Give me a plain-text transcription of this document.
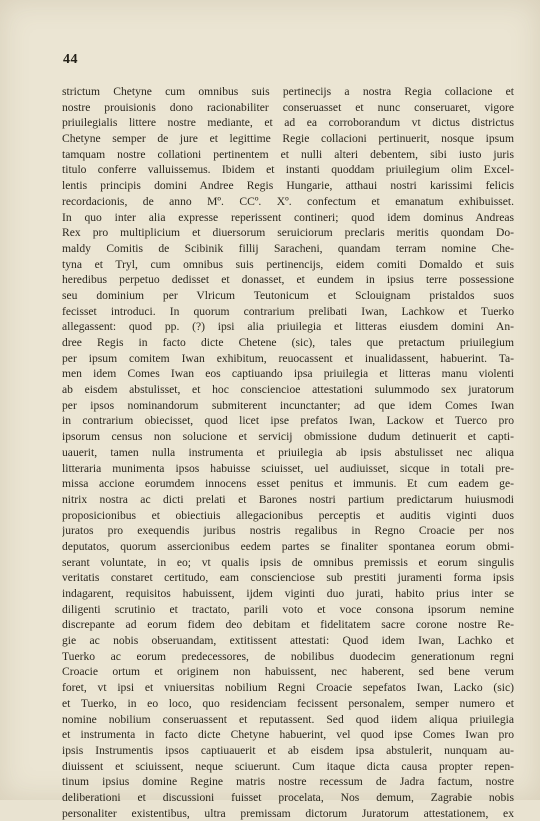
44
strictum Chetyne cum omnibus suis pertinecijs a nostra Regia collacione et
nostre prouisionis dono racionabiliter conseruasset et nunc conseruaret, vigore
priuilegialis littere nostre mediante, et ad ea corroborandum vt dictus districtus
Chetyne semper de jure et legittime Regie collacioni pertinuerit, nosque ipsum
tamquam nostre collationi pertinentem et nulli alteri debentem, sibi iusto juris
titulo conferre valluissemus. Ibidem et instanti quoddam priuilegium olim Excel-
lentis principis domini Andree Regis Hungarie, atthaui nostri karissimi felicis
recordacionis, de anno Mº. CCº. Xº. confectum et emanatum exhibuisset.
In quo inter alia expresse reperissent contineri; quod idem dominus Andreas
Rex pro multiplicium et diuersorum seruiciorum preclaris meritis quondam Do-
maldy Comitis de Scibinik fillij Saracheni, quandam terram nomine Che-
tyna et Tryl, cum omnibus suis pertinencijs, eidem comiti Domaldo et suis
heredibus perpetuo dedisset et donasset, et eundem in ipsius terre possessione
seu dominium per Vlricum Teutonicum et Sclouignam pristaldos suos
fecisset introduci. In quorum contrarium prelibati Iwan, Lachkow et Tuerko
allegassent: quod pp. (?) ipsi alia priuilegia et litteras eiusdem domini An-
dree Regis in facto dicte Chetene (sic), tales que pretactum priuilegium
per ipsum comitem Iwan exhibitum, reuocassent et inualidassent, habuerint. Ta-
men idem Comes Iwan eos captiuando ipsa priuilegia et litteras manu violenti
ab eisdem abstulisset, et hoc consciencioe attestationi sulummodo sex juratorum
per ipsos nominandorum submiterent incunctanter; ad que idem Comes Iwan
in contrarium obiecisset, quod licet ipse prefatos Iwan, Lackow et Tuerco pro
ipsorum census non solucione et servicij obmissione dudum detinuerit et capti-
uauerit, tamen nulla instrumenta et priuilegia ab ipsis abstulisset nec aliqua
litteraria munimenta ipsos habuisse sciuisset, uel audiuisset, sicque in totali pre-
missa accione eorumdem innocens esset penitus et immunis. Et cum eadem ge-
nitrix nostra ac dicti prelati et Barones nostri partium predictarum huiusmodi
proposicionibus et obiectiuis allegacionibus perceptis et auditis viginti duos
juratos pro exequendis juribus nostris regalibus in Regno Croacie per nos
deputatos, quorum assercionibus eedem partes se finaliter spontanea eorum obmi-
serant voluntate, in eo; vt qualis ipsis de omnibus premissis et eorum singulis
veritatis constaret certitudo, eam conscienciose sub prestiti juramenti forma ipsis
indagarent, requisitos habuissent, ijdem viginti duo jurati, habito prius inter se
diligenti scrutinio et tractato, parili voto et voce consona ipsorum nemine
discrepante ad eorum fidem deo debitam et fidelitatem sacre corone nostre Re-
gie ac nobis obseruandam, extitissent attestati: Quod idem Iwan, Lachko et
Tuerko ac eorum predecessores, de nobilibus duodecim generationum regni
Croacie ortum et originem non habuissent, nec haberent, sed bene verum
foret, vt ipsi et vniuersitas nobilium Regni Croacie sepefatos Iwan, Lacko (sic)
et Tuerko, in eo loco, quo residenciam fecissent personalem, semper numero et
nomine nobilium conseruassent et reputassent. Sed quod iidem aliqua priuilegia
et instrumenta in facto dicte Chetyne habuerint, vel quod ipse Comes Iwan pro
ipsis Instrumentis ipsos captiuauerit et ab eisdem ipsa abstulerit, nunquam au-
diuissent et sciuissent, neque sciuerunt. Cum itaque dicta causa propter repen-
tinum ipsius domine Regine matris nostre recessum de Jadra factum, nostre
deliberationi et discussioni fuisset procelata, Nos demum, Zagrabie nobis
personaliter existentibus, ultra premissam dictorum Juratorum attestationem, ex
